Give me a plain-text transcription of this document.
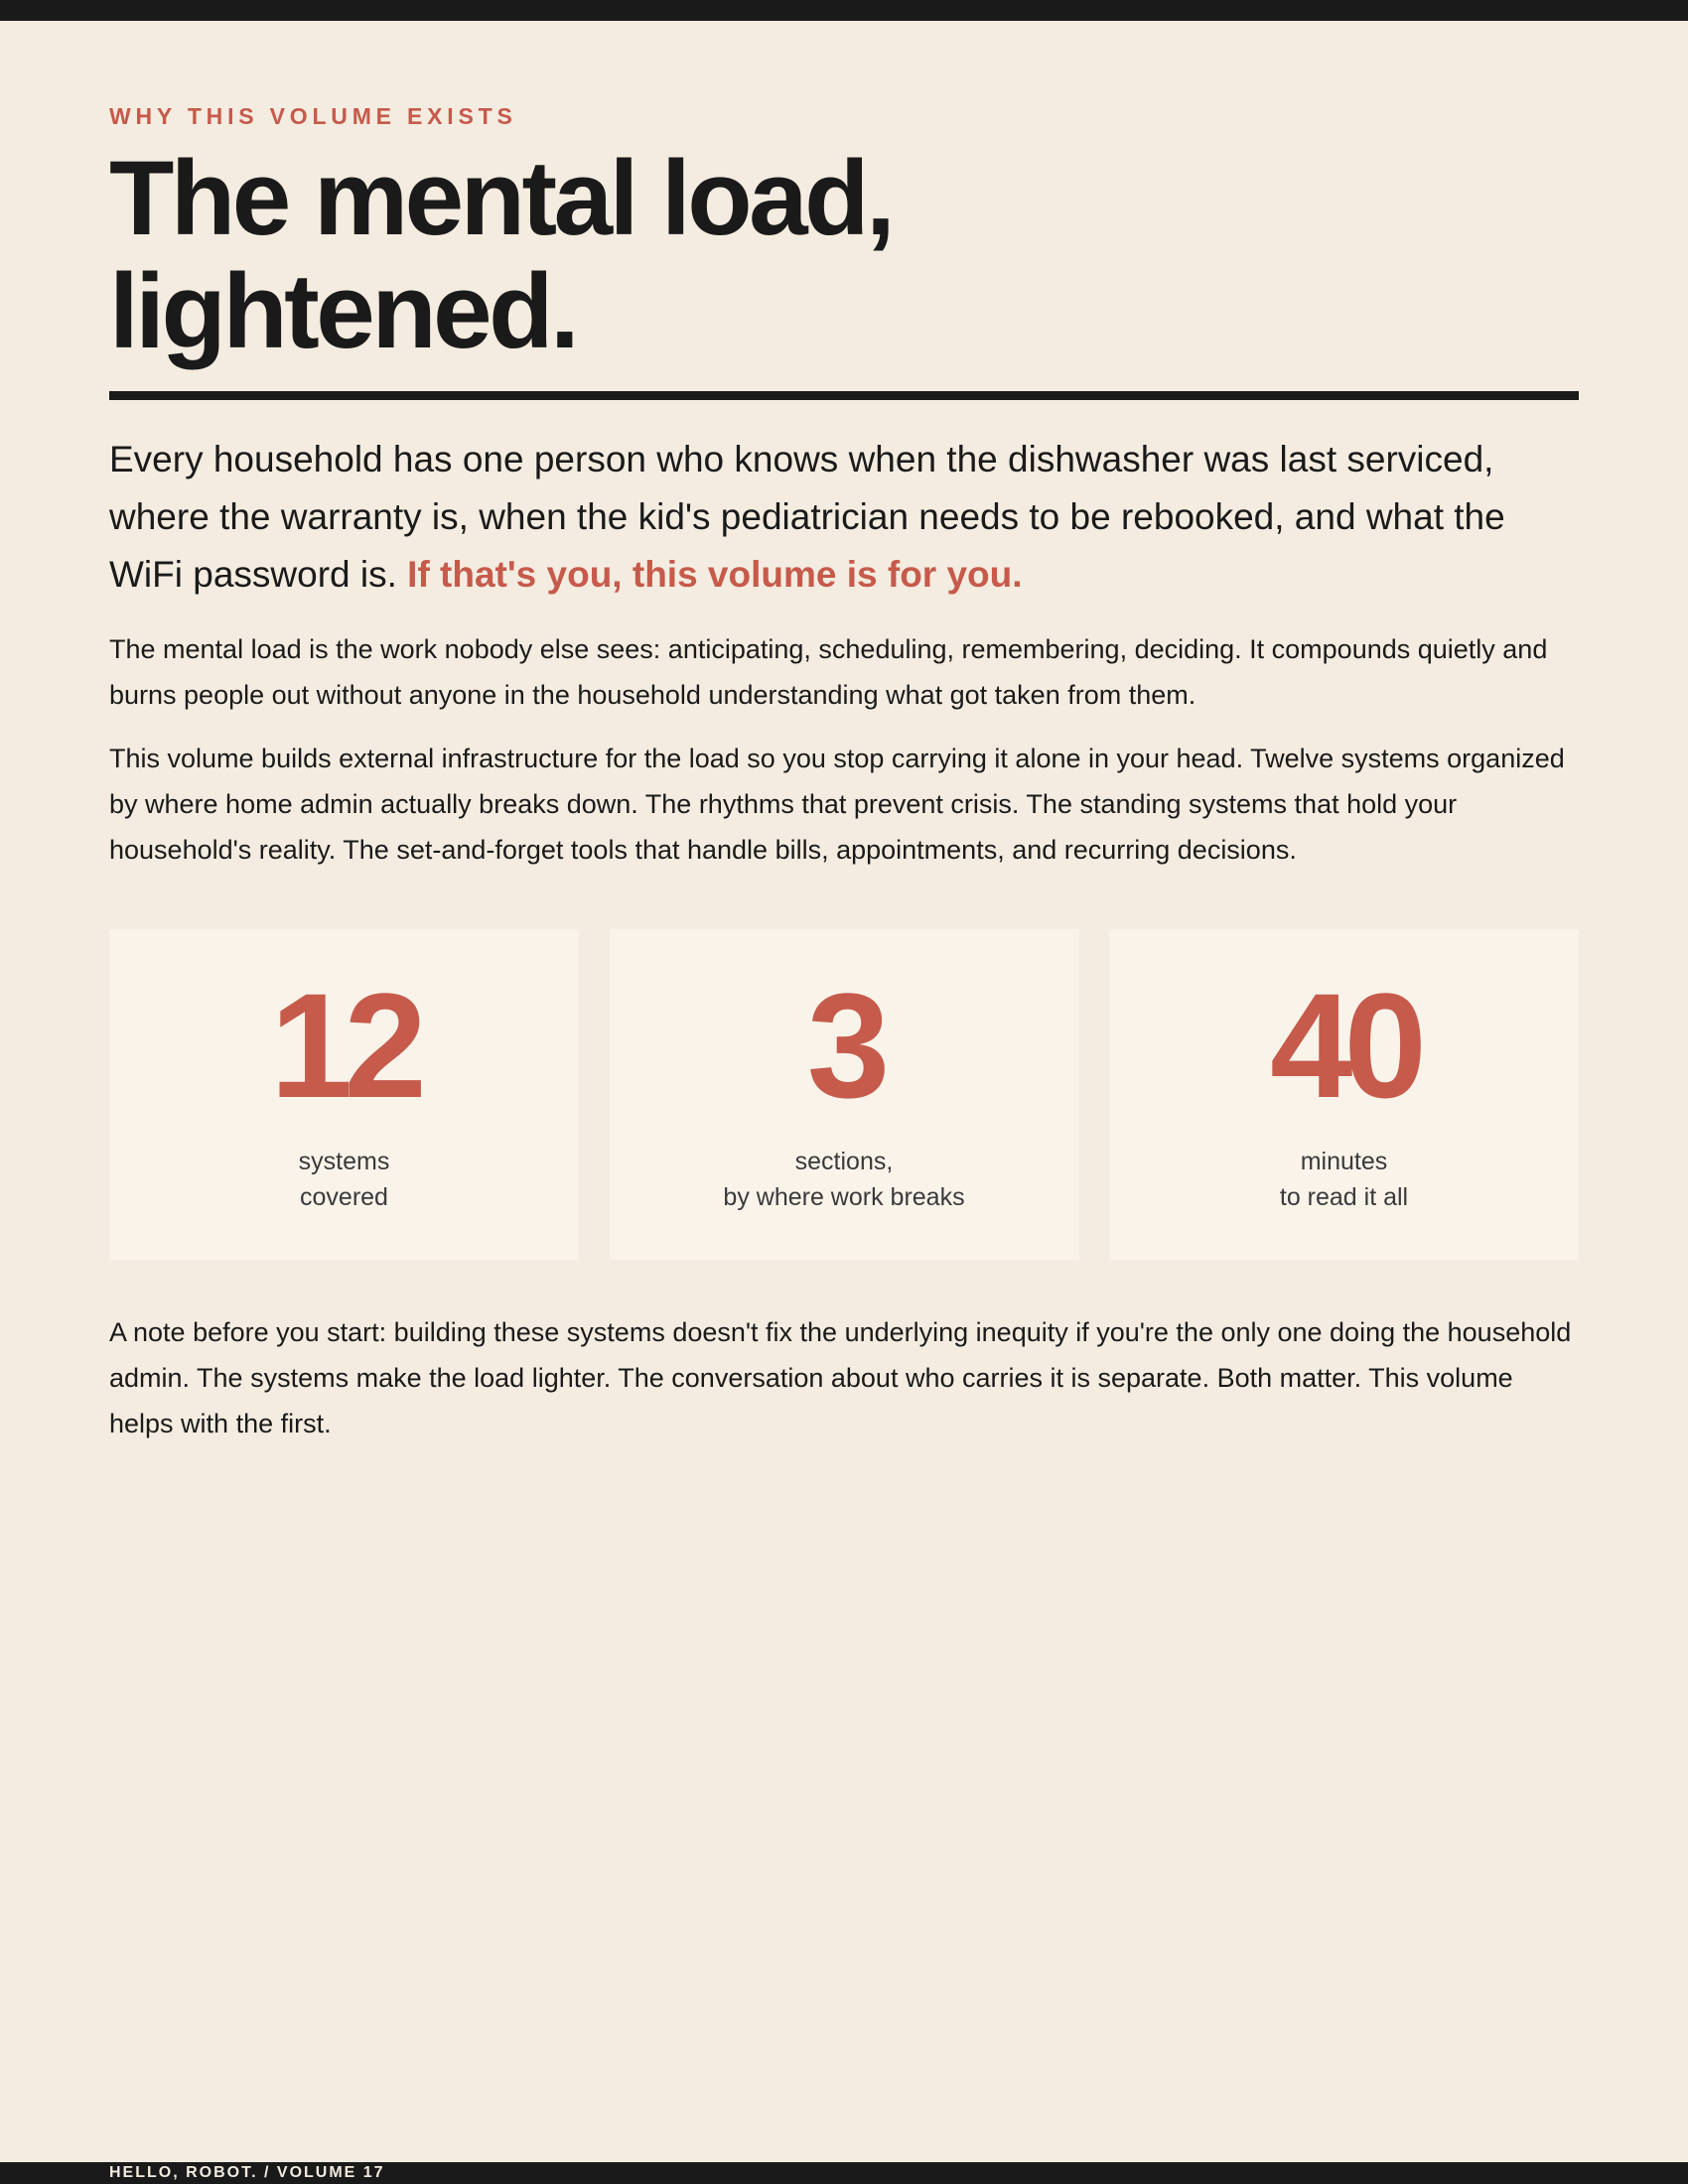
WHY THIS VOLUME EXISTS
The mental load,
lightened.

Every household has one person who knows when the dishwasher was last serviced, where the warranty is, when the kid's pediatrician needs to be rebooked, and what the WiFi password is. If that's you, this volume is for you.

The mental load is the work nobody else sees: anticipating, scheduling, remembering, deciding. It compounds quietly and burns people out without anyone in the household understanding what got taken from them.

This volume builds external infrastructure for the load so you stop carrying it alone in your head. Twelve systems organized by where home admin actually breaks down. The rhythms that prevent crisis. The standing systems that hold your household's reality. The set-and-forget tools that handle bills, appointments, and recurring decisions.

12
systems
covered
3
sections,
by where work breaks
40
minutes
to read it all

A note before you start: building these systems doesn't fix the underlying inequity if you're the only one doing the household admin. The systems make the load lighter. The conversation about who carries it is separate. Both matter. This volume helps with the first.

HELLO, ROBOT. / VOLUME 17
